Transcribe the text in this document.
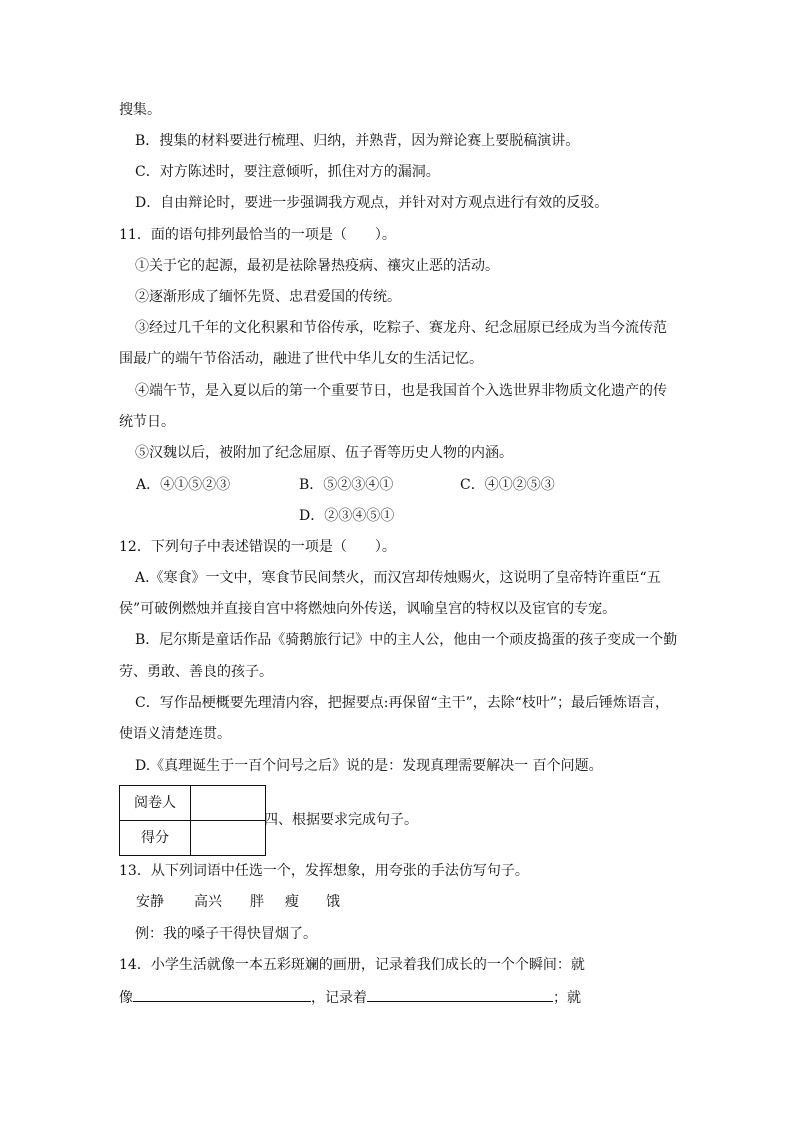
搜集。
B．搜集的材料要进行梳理、归纳，并熟背，因为辩论赛上要脱稿演讲。
C．对方陈述时，要注意倾听，抓住对方的漏洞。
D．自由辩论时，要进一步强调我方观点，并针对对方观点进行有效的反驳。
11．面的语句排列最恰当的一项是（　　）。
①关于它的起源，最初是祛除暑热疫病、禳灾止恶的活动。
②逐渐形成了缅怀先贤、忠君爱国的传统。
③经过几千年的文化积累和节俗传承，吃粽子、赛龙舟、纪念屈原已经成为当今流传范
围最广的端午节俗活动，融进了世代中华儿女的生活记忆。
④端午节，是入夏以后的第一个重要节日，也是我国首个入选世界非物质文化遗产的传
统节日。
⑤汉魏以后，被附加了纪念屈原、伍子胥等历史人物的内涵。
A．④①⑤②③	B．⑤②③④①	C．④①②⑤③
D．②③④⑤①
12．下列句子中表述错误的一项是（　　）。
A.《寒食》一文中，寒食节民间禁火，而汉宫却传烛赐火，这说明了皇帝特许重臣“五
侯”可破例燃烛并直接自宫中将燃烛向外传送，讽喻皇宫的特权以及宦官的专宠。
B．尼尔斯是童话作品《骑鹅旅行记》中的主人公，他由一个顽皮捣蛋的孩子变成一个勤
劳、勇敢、善良的孩子。
C．写作品梗概要先理清内容，把握要点:再保留“主干”，去除“枝叶”；最后锤炼语言，
使语义清楚连贯。
D.《真理诞生于一百个问号之后》说的是：发现真理需要解决一 百个问题。
阅卷人	
得分	
四、根据要求完成句子。
13．从下列词语中任选一个，发挥想象，用夸张的手法仿写句子。
安静 高兴 胖 瘦 饿
例：我的嗓子干得快冒烟了。
14．小学生活就像一本五彩斑斓的画册，记录着我们成长的一个个瞬间：就
像	，记录着	；就
